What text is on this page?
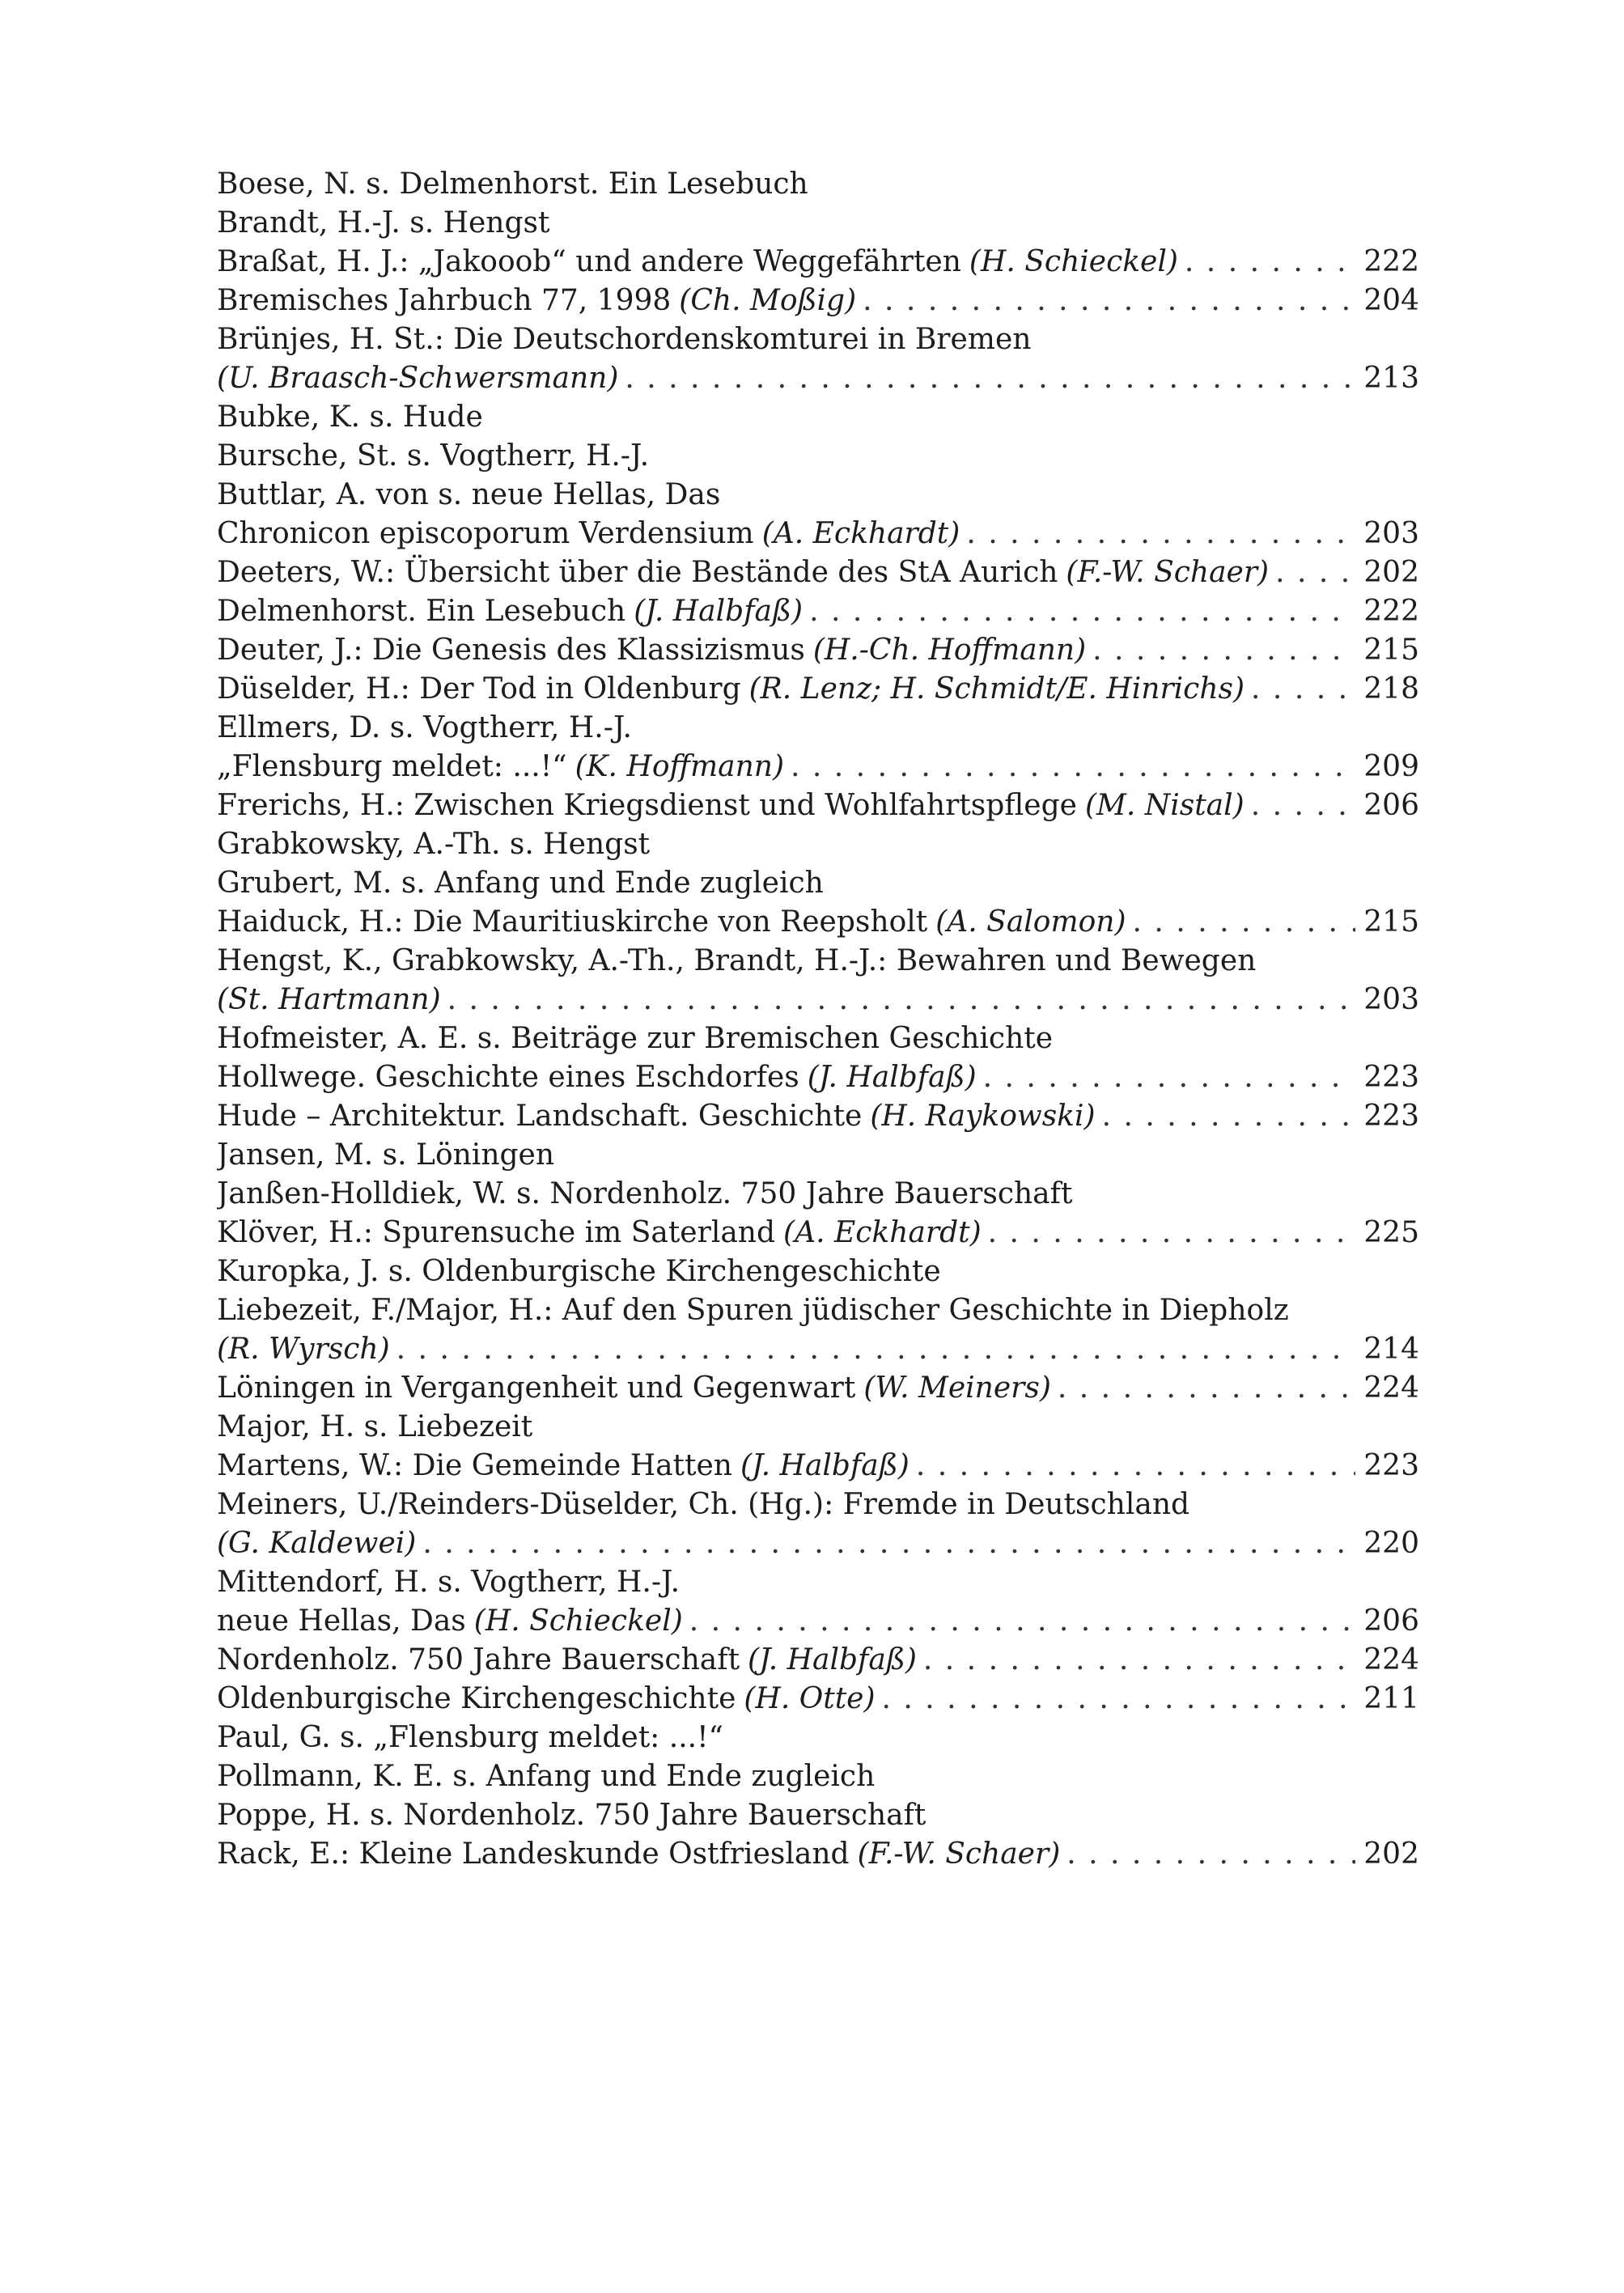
Boese, N. s. Delmenhorst. Ein Lesebuch
Brandt, H.-J. s. Hengst
Braßat, H. J.: „Jakooob“ und andere Weggefährten (H. Schieckel) . . .	222
Bremisches Jahrbuch 77, 1998 (Ch. Moßig) . . .	204
Brünjes, H. St.: Die Deutschordenskomturei in Bremen
(U. Braasch-Schwersmann) . . .	213
Bubke, K. s. Hude
Bursche, St. s. Vogtherr, H.-J.
Buttlar, A. von s. neue Hellas, Das
Chronicon episcoporum Verdensium (A. Eckhardt) . . .	203
Deeters, W.: Übersicht über die Bestände des StA Aurich (F.-W. Schaer) . . .	202
Delmenhorst. Ein Lesebuch (J. Halbfaß) . . .	222
Deuter, J.: Die Genesis des Klassizismus (H.-Ch. Hoffmann) . . .	215
Düselder, H.: Der Tod in Oldenburg (R. Lenz; H. Schmidt/E. Hinrichs) . . .	218
Ellmers, D. s. Vogtherr, H.-J.
„Flensburg meldet: ...!“ (K. Hoffmann) . . .	209
Frerichs, H.: Zwischen Kriegsdienst und Wohlfahrtspflege (M. Nistal) . . .	206
Grabkowsky, A.-Th. s. Hengst
Grubert, M. s. Anfang und Ende zugleich
Haiduck, H.: Die Mauritiuskirche von Reepsholt (A. Salomon) . . .	215
Hengst, K., Grabkowsky, A.-Th., Brandt, H.-J.: Bewahren und Bewegen
(St. Hartmann) . . .	203
Hofmeister, A. E. s. Beiträge zur Bremischen Geschichte
Hollwege. Geschichte eines Eschdorfes (J. Halbfaß) . . .	223
Hude – Architektur. Landschaft. Geschichte (H. Raykowski) . . .	223
Jansen, M. s. Löningen
Janßen-Holldiek, W. s. Nordenholz. 750 Jahre Bauerschaft
Klöver, H.: Spurensuche im Saterland (A. Eckhardt) . . .	225
Kuropka, J. s. Oldenburgische Kirchengeschichte
Liebezeit, F./Major, H.: Auf den Spuren jüdischer Geschichte in Diepholz
(R. Wyrsch) . . .	214
Löningen in Vergangenheit und Gegenwart (W. Meiners) . . .	224
Major, H. s. Liebezeit
Martens, W.: Die Gemeinde Hatten (J. Halbfaß) . . .	223
Meiners, U./Reinders-Düselder, Ch. (Hg.): Fremde in Deutschland
(G. Kaldewei) . . .	220
Mittendorf, H. s. Vogtherr, H.-J.
neue Hellas, Das (H. Schieckel) . . .	206
Nordenholz. 750 Jahre Bauerschaft (J. Halbfaß) . . .	224
Oldenburgische Kirchengeschichte (H. Otte) . . .	211
Paul, G. s. „Flensburg meldet: ...!“
Pollmann, K. E. s. Anfang und Ende zugleich
Poppe, H. s. Nordenholz. 750 Jahre Bauerschaft
Rack, E.: Kleine Landeskunde Ostfriesland (F.-W. Schaer) . . .	202
